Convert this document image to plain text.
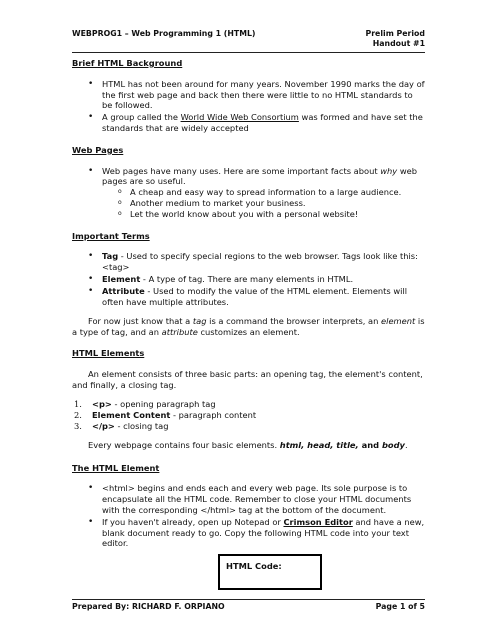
WEBPROG1 – Web Programming 1 (HTML)	Prelim Period
Handout #1
Brief HTML Background
• HTML has not been around for many years. November 1990 marks the day of the first web page and back then there were little to no HTML standards to be followed.
• A group called the World Wide Web Consortium was formed and have set the standards that are widely accepted
Web Pages
• Web pages have many uses. Here are some important facts about why web pages are so useful.
o A cheap and easy way to spread information to a large audience.
o Another medium to market your business.
o Let the world know about you with a personal website!
Important Terms
• Tag - Used to specify special regions to the web browser. Tags look like this: <tag>
• Element - A type of tag. There are many elements in HTML.
• Attribute - Used to modify the value of the HTML element. Elements will often have multiple attributes.

For now just know that a tag is a command the browser interprets, an element is a type of tag, and an attribute customizes an element.

HTML Elements

An element consists of three basic parts: an opening tag, the element's content, and finally, a closing tag.

1. <p> - opening paragraph tag
2. Element Content - paragraph content
3. </p> - closing tag

Every webpage contains four basic elements. html, head, title, and body.

The HTML Element
• <html> begins and ends each and every web page. Its sole purpose is to encapsulate all the HTML code. Remember to close your HTML documents with the corresponding </html> tag at the bottom of the document.
• If you haven't already, open up Notepad or Crimson Editor and have a new, blank document ready to go. Copy the following HTML code into your text editor.
HTML Code:
Prepared By: RICHARD F. ORPIANO	Page 1 of 5
